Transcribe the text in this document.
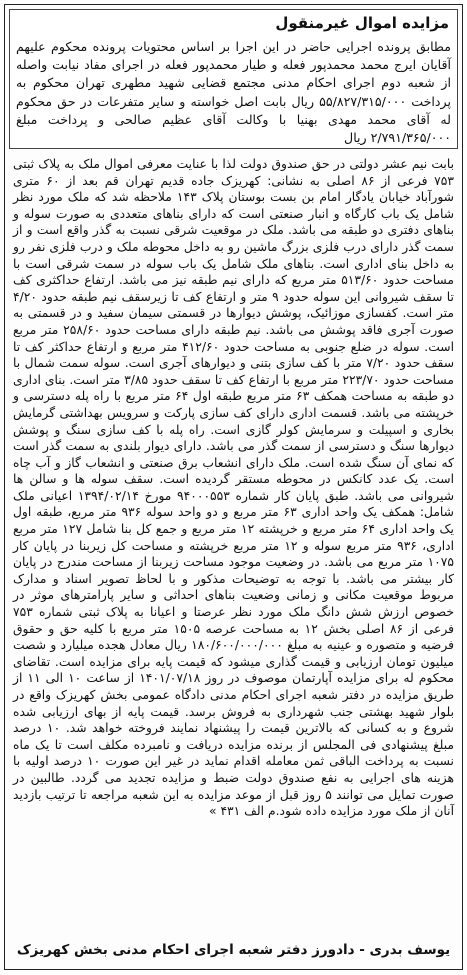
مزایده اموال غیرمنقول

مطابق پرونده اجرایی حاضر در این اجرا بر اساس محتویات پرونده محکوم علیهم آقایان ایرج محمد محمدپور فعله و طیار محمدپور فعله در اجرای مفاد نیابت واصله از شعبه دوم اجرای احکام مدنی مجتمع قضایی شهید مطهری تهران محکوم به پرداخت ۵۵/۸۲۷/۳۱۵/۰۰۰ ریال بابت اصل خواسته و سایر متفرعات در حق محکوم له آقای محمد مهدی بهنیا با وکالت آقای عظیم صالحی و پرداخت مبلغ ۲/۷۹۱/۳۶۵/۰۰۰ ریال

بابت نیم عشر دولتی در حق صندوق دولت لذا با عنایت معرفی اموال ملک به پلاک ثبتی ۷۵۳ فرعی از ۸۶ اصلی به نشانی: کهریزک جاده قدیم تهران قم بعد از ۶۰ متری شورآباد خیابان یادگار امام بن بست بوستان پلاک ۱۴۳ ملاحظه شد که ملک مورد نظر شامل یک باب کارگاه و انبار صنعتی است که دارای بناهای متعددی به صورت سوله و بناهای دفتری دو طبقه می باشد. ملک در موقعیت شرقی نسبت به گذر واقع است و از سمت گذر دارای درب فلزی بزرگ ماشین رو به داخل محوطه ملک و درب فلزی نفر رو به داخل بنای اداری است. بناهای ملک شامل یک باب سوله در سمت شرقی است با مساحت حدود ۵۱۳/۶۰ متر مربع که دارای نیم طبقه نیز می باشد. ارتفاع حداکثری کف تا سقف شیروانی این سوله حدود ۹ متر و ارتفاع کف تا زیرسقف نیم طبقه حدود ۴/۲۰ متر است. کفسازی موزائیک، پوشش دیوارها در قسمتی سیمان سفید و در قسمتی به صورت آجری فاقد پوشش می باشد. نیم طبقه دارای مساحت حدود ۲۵۸/۶۰ متر مربع است. سوله در ضلع جنوبی به مساحت حدود ۴۱۲/۶۰ متر مربع و ارتفاع حداکثر کف تا سقف حدود ۷/۲۰ متر با کف سازی بتنی و دیوارهای آجری است. سوله سمت شمال با مساحت حدود ۲۲۳/۷۰ متر مربع با ارتفاع کف تا سقف حدود ۳/۸۵ متر است. بنای اداری دو طبقه به مساحت همکف ۶۳ متر مربع طبقه اول ۶۴ متر مربع با راه پله دسترسی و خرپشته می باشد. قسمت اداری دارای کف سازی پارکت و سرویس بهداشتی گرمایش بخاری و اسپیلت و سرمایش کولر گازی است. راه پله با کف سازی سنگ و پوشش دیوارها سنگ و دسترسی از سمت گذر می باشد. دارای دیوار بلندی به سمت گذر است که نمای آن سنگ شده است. ملک دارای انشعاب برق صنعتی و انشعاب گاز و آب چاه است. یک عدد کانکس در محوطه مستقر گردیده است. سقف سوله ها و سالن ها شیروانی می باشد. طبق پایان کار شماره ۹۴۰۰۰۵۵۳ مورخ ۱۳۹۴/۰۲/۱۴ اعیانی ملک شامل: همکف یک واحد اداری ۶۳ متر مربع و دو واحد سوله ۹۳۶ متر مربع، طبقه اول یک واحد اداری ۶۴ متر مربع و خرپشته ۱۲ متر مربع و جمع کل بنا شامل ۱۲۷ متر مربع اداری، ۹۳۶ متر مربع سوله و ۱۲ متر مربع خرپشته و مساحت کل زیربنا در پایان کار ۱۰۷۵ متر مربع می باشد. در وضعیت موجود مساحت زیربنا از مساحت مندرج در پایان کار بیشتر می باشد. با توجه به توضیحات مذکور و با لحاظ تصویر اسناد و مدارک مربوط موقعیت مکانی و زمانی وضعیت بناهای احداثی و سایر پارامترهای موثر در خصوص ارزش شش دانگ ملک مورد نظر عرصتا و اعیانا به پلاک ثبتی شماره ۷۵۳ فرعی از ۸۶ اصلی بخش ۱۲ به مساحت عرصه ۱۵۰۵ متر مربع با کلیه حق و حقوق فرضیه و متصوره و عینیه به مبلغ ۱۸۰/۶۰۰/۰۰۰/۰۰۰ ریال معادل هجده میلیارد و شصت میلیون تومان ارزیابی و قیمت گذاری میشود که قیمت پایه برای مزایده است. تقاضای محکوم له برای مزایده آپارتمان موصوف در روز ۱۴۰۱/۰۷/۱۸ از ساعت ۱۰ الی ۱۱ از طریق مزایده در دفتر شعبه اجرای احکام مدنی دادگاه عمومی بخش کهریزک واقع در بلوار شهید بهشتی جنب شهرداری به فروش برسد. قیمت پایه از بهای ارزیابی شده شروع و به کسانی که بالاترین قیمت را پیشنهاد نمایند فروخته خواهد شد. ۱۰ درصد مبلغ پیشنهادی فی المجلس از برنده مزایده دریافت و نامبرده مکلف است تا یک ماه نسبت به پرداخت الباقی ثمن معامله اقدام نماید در غیر این صورت ۱۰ درصد اولیه با هزینه های اجرایی به نفع صندوق دولت ضبط و مزایده تجدید می گردد. طالبین در صورت تمایل می توانند ۵ روز قبل از موعد مزایده به این شعبه مراجعه تا ترتیب بازدید آنان از ملک مورد مزایده داده شود.م الف ۴۳۱ »

یوسف بدری - دادورز دفتر شعبه اجرای احکام مدنی بخش کهریزک
